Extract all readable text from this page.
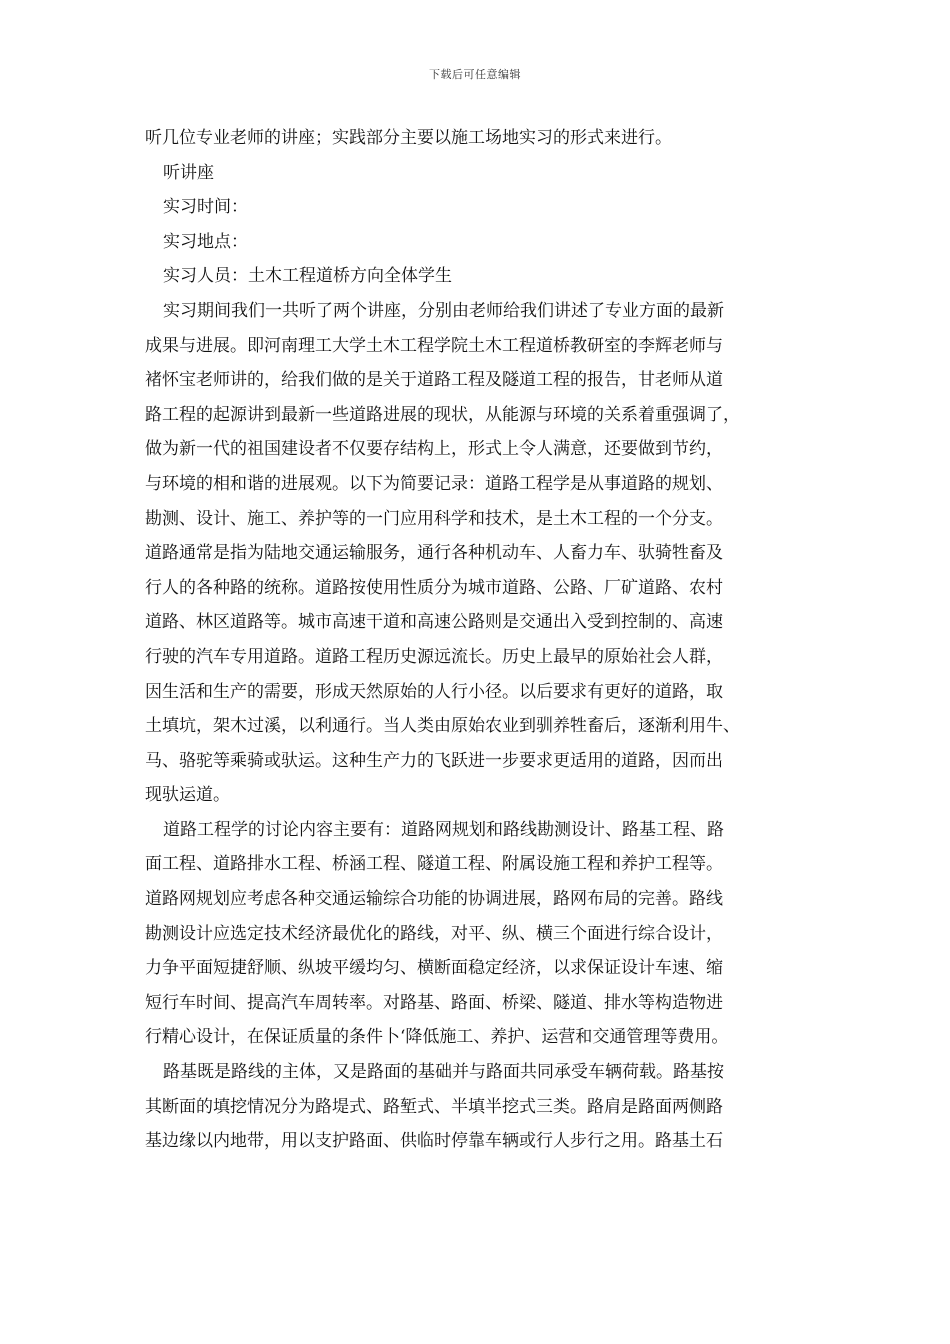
下载后可任意编辑
听几位专业老师的讲座；实践部分主要以施工场地实习的形式来进行。
听讲座
实习时间：
实习地点：
实习人员：土木工程道桥方向全体学生
实习期间我们一共听了两个讲座，分别由老师给我们讲述了专业方面的最新
成果与进展。即河南理工大学土木工程学院土木工程道桥教研室的李辉老师与
褚怀宝老师讲的，给我们做的是关于道路工程及隧道工程的报告，甘老师从道
路工程的起源讲到最新一些道路进展的现状，从能源与环境的关系着重强调了，
做为新一代的祖国建设者不仅要存结构上，形式上令人满意，还要做到节约，
与环境的相和谐的进展观。以下为简要记录：道路工程学是从事道路的规划、
勘测、设计、施工、养护等的一门应用科学和技术，是土木工程的一个分支。
道路通常是指为陆地交通运输服务，通行各种机动车、人畜力车、驮骑牲畜及
行人的各种路的统称。道路按使用性质分为城市道路、公路、厂矿道路、农村
道路、林区道路等。城市高速干道和高速公路则是交通出入受到控制的、高速
行驶的汽车专用道路。道路工程历史源远流长。历史上最早的原始社会人群，
因生活和生产的需要，形成天然原始的人行小径。以后要求有更好的道路，取
土填坑，架木过溪，以利通行。当人类由原始农业到驯养牲畜后，逐渐利用牛、
马、骆驼等乘骑或驮运。这种生产力的飞跃进一步要求更适用的道路，因而出
现驮运道。
道路工程学的讨论内容主要有：道路网规划和路线勘测设计、路基工程、路
面工程、道路排水工程、桥涵工程、隧道工程、附属设施工程和养护工程等。
道路网规划应考虑各种交通运输综合功能的协调进展，路网布局的完善。路线
勘测设计应选定技术经济最优化的路线，对平、纵、横三个面进行综合设计，
力争平面短捷舒顺、纵坡平缓均匀、横断面稳定经济，以求保证设计车速、缩
短行车时间、提高汽车周转率。对路基、路面、桥梁、隧道、排水等构造物进
行精心设计，在保证质量的条件卜‘降低施工、养护、运营和交通管理等费用。
路基既是路线的主体，又是路面的基础并与路面共同承受车辆荷载。路基按
其断面的填挖情况分为路堤式、路堑式、半填半挖式三类。路肩是路面两侧路
基边缘以内地带，用以支护路面、供临时停靠车辆或行人步行之用。路基土石
